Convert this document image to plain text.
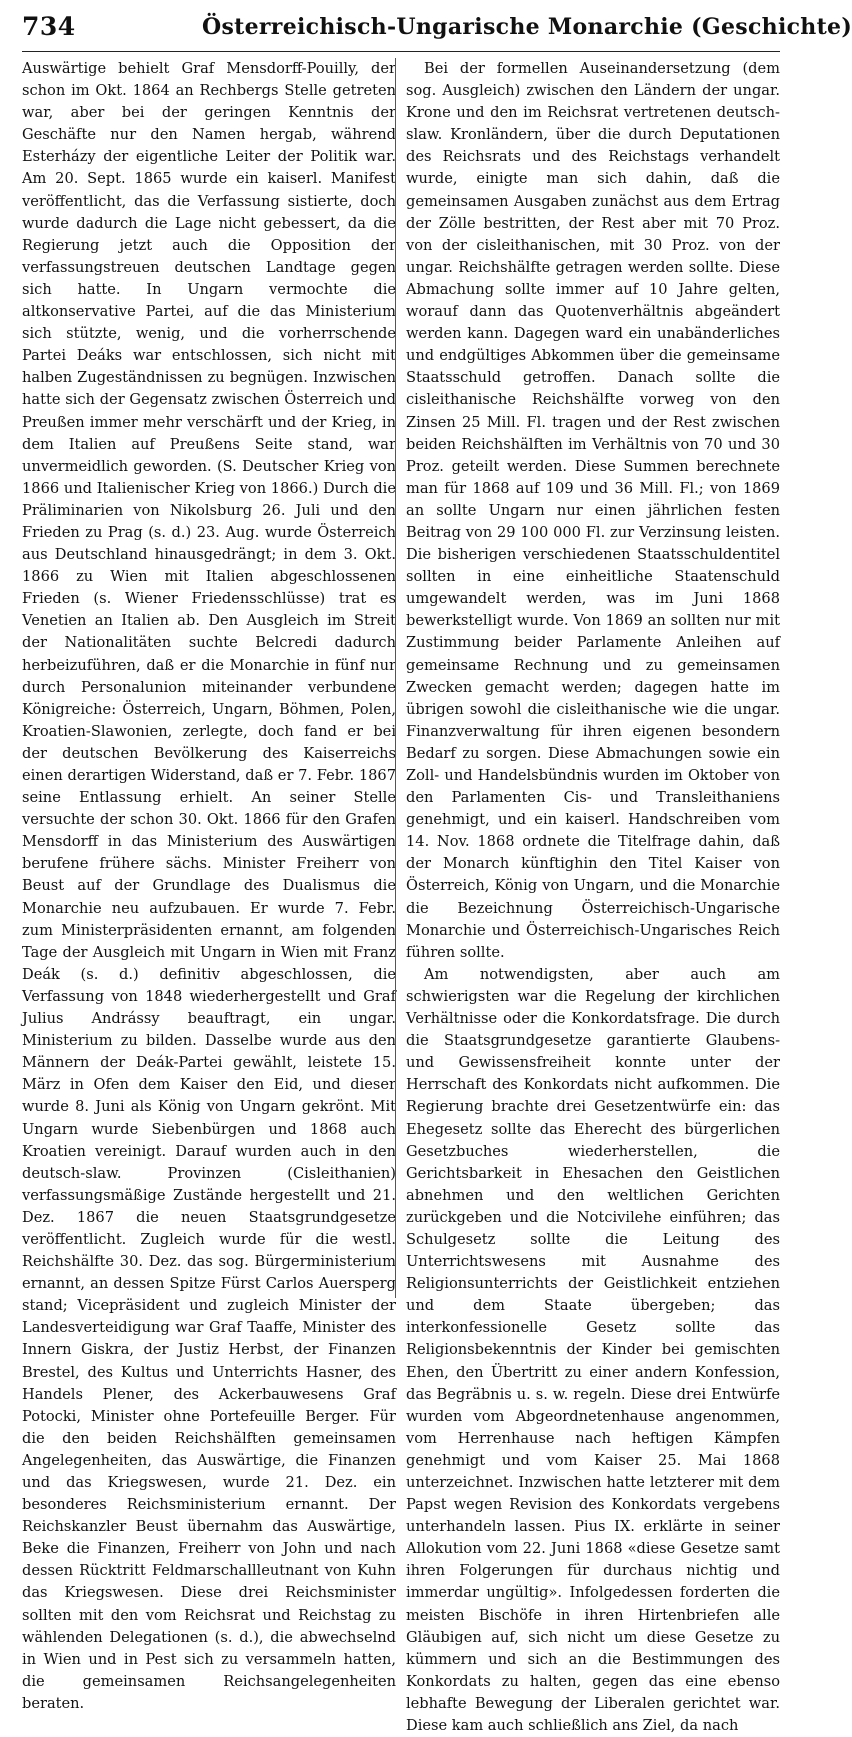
734	Österreichisch-Ungarische Monarchie (Geschichte)

Auswärtige behielt Graf Mensdorff-Pouilly, der schon im Okt. 1864 an Rechbergs Stelle getreten war, aber bei der geringen Kenntnis der Geschäfte nur den Namen hergab, während Esterházy der eigentliche Leiter der Politik war. Am 20. Sept. 1865 wurde ein kaiserl. Manifest veröffentlicht, das die Verfassung sistierte, doch wurde dadurch die Lage nicht gebessert, da die Regierung jetzt auch die Opposition der verfassungstreuen deutschen Landtage gegen sich hatte. In Ungarn vermochte die altkonservative Partei, auf die das Ministerium sich stützte, wenig, und die vorherrschende Partei Deáks war entschlossen, sich nicht mit halben Zugeständnissen zu begnügen. Inzwischen hatte sich der Gegensatz zwischen Österreich und Preußen immer mehr verschärft und der Krieg, in dem Italien auf Preußens Seite stand, war unvermeidlich geworden. (S. Deutscher Krieg von 1866 und Italienischer Krieg von 1866.) Durch die Präliminarien von Nikolsburg 26. Juli und den Frieden zu Prag (s. d.) 23. Aug. wurde Österreich aus Deutschland hinausgedrängt; in dem 3. Okt. 1866 zu Wien mit Italien abgeschlossenen Frieden (s. Wiener Friedensschlüsse) trat es Venetien an Italien ab. Den Ausgleich im Streit der Nationalitäten suchte Belcredi dadurch herbeizuführen, daß er die Monarchie in fünf nur durch Personalunion miteinander verbundene Königreiche: Österreich, Ungarn, Böhmen, Polen, Kroatien-Slawonien, zerlegte, doch fand er bei der deutschen Bevölkerung des Kaiserreichs einen derartigen Widerstand, daß er 7. Febr. 1867 seine Entlassung erhielt. An seiner Stelle versuchte der schon 30. Okt. 1866 für den Grafen Mensdorff in das Ministerium des Auswärtigen berufene frühere sächs. Minister Freiherr von Beust auf der Grundlage des Dualismus die Monarchie neu aufzubauen. Er wurde 7. Febr. zum Ministerpräsidenten ernannt, am folgenden Tage der Ausgleich mit Ungarn in Wien mit Franz Deák (s. d.) definitiv abgeschlossen, die Verfassung von 1848 wiederhergestellt und Graf Julius Andrássy beauftragt, ein ungar. Ministerium zu bilden. Dasselbe wurde aus den Männern der Deák-Partei gewählt, leistete 15. März in Ofen dem Kaiser den Eid, und dieser wurde 8. Juni als König von Ungarn gekrönt. Mit Ungarn wurde Siebenbürgen und 1868 auch Kroatien vereinigt. Darauf wurden auch in den deutsch-slaw. Provinzen (Cisleithanien) verfassungsmäßige Zustände hergestellt und 21. Dez. 1867 die neuen Staatsgrundgesetze veröffentlicht. Zugleich wurde für die westl. Reichshälfte 30. Dez. das sog. Bürgerministerium ernannt, an dessen Spitze Fürst Carlos Auersperg stand; Vicepräsident und zugleich Minister der Landesverteidigung war Graf Taaffe, Minister des Innern Giskra, der Justiz Herbst, der Finanzen Brestel, des Kultus und Unterrichts Hasner, des Handels Plener, des Ackerbauwesens Graf Potocki, Minister ohne Portefeuille Berger. Für die den beiden Reichshälften gemeinsamen Angelegenheiten, das Auswärtige, die Finanzen und das Kriegswesen, wurde 21. Dez. ein besonderes Reichsministerium ernannt. Der Reichskanzler Beust übernahm das Auswärtige, Beke die Finanzen, Freiherr von John und nach dessen Rücktritt Feldmarschallleutnant von Kuhn das Kriegswesen. Diese drei Reichsminister sollten mit den vom Reichsrat und Reichstag zu wählenden Delegationen (s. d.), die abwechselnd in Wien und in Pest sich zu versammeln hatten, die gemeinsamen Reichsangelegenheiten beraten.

Bei der formellen Auseinandersetzung (dem sog. Ausgleich) zwischen den Ländern der ungar. Krone und den im Reichsrat vertretenen deutsch-slaw. Kronländern, über die durch Deputationen des Reichsrats und des Reichstags verhandelt wurde, einigte man sich dahin, daß die gemeinsamen Ausgaben zunächst aus dem Ertrag der Zölle bestritten, der Rest aber mit 70 Proz. von der cisleithanischen, mit 30 Proz. von der ungar. Reichshälfte getragen werden sollte. Diese Abmachung sollte immer auf 10 Jahre gelten, worauf dann das Quotenverhältnis abgeändert werden kann. Dagegen ward ein unabänderliches und endgültiges Abkommen über die gemeinsame Staatsschuld getroffen. Danach sollte die cisleithanische Reichshälfte vorweg von den Zinsen 25 Mill. Fl. tragen und der Rest zwischen beiden Reichshälften im Verhältnis von 70 und 30 Proz. geteilt werden. Diese Summen berechnete man für 1868 auf 109 und 36 Mill. Fl.; von 1869 an sollte Ungarn nur einen jährlichen festen Beitrag von 29 100 000 Fl. zur Verzinsung leisten. Die bisherigen verschiedenen Staatsschuldentitel sollten in eine einheitliche Staatenschuld umgewandelt werden, was im Juni 1868 bewerkstelligt wurde. Von 1869 an sollten nur mit Zustimmung beider Parlamente Anleihen auf gemeinsame Rechnung und zu gemeinsamen Zwecken gemacht werden; dagegen hatte im übrigen sowohl die cisleithanische wie die ungar. Finanzverwaltung für ihren eigenen besondern Bedarf zu sorgen. Diese Abmachungen sowie ein Zoll- und Handelsbündnis wurden im Oktober von den Parlamenten Cis- und Transleithaniens genehmigt, und ein kaiserl. Handschreiben vom 14. Nov. 1868 ordnete die Titelfrage dahin, daß der Monarch künftighin den Titel Kaiser von Österreich, König von Ungarn, und die Monarchie die Bezeichnung Österreichisch-Ungarische Monarchie und Österreichisch-Ungarisches Reich führen sollte.

Am notwendigsten, aber auch am schwierigsten war die Regelung der kirchlichen Verhältnisse oder die Konkordatsfrage. Die durch die Staatsgrundgesetze garantierte Glaubens- und Gewissensfreiheit konnte unter der Herrschaft des Konkordats nicht aufkommen. Die Regierung brachte drei Gesetzentwürfe ein: das Ehegesetz sollte das Eherecht des bürgerlichen Gesetzbuches wiederherstellen, die Gerichtsbarkeit in Ehesachen den Geistlichen abnehmen und den weltlichen Gerichten zurückgeben und die Notcivilehe einführen; das Schulgesetz sollte die Leitung des Unterrichtswesens mit Ausnahme des Religionsunterrichts der Geistlichkeit entziehen und dem Staate übergeben; das interkonfessionelle Gesetz sollte das Religionsbekenntnis der Kinder bei gemischten Ehen, den Übertritt zu einer andern Konfession, das Begräbnis u. s. w. regeln. Diese drei Entwürfe wurden vom Abgeordnetenhause angenommen, vom Herrenhause nach heftigen Kämpfen genehmigt und vom Kaiser 25. Mai 1868 unterzeichnet. Inzwischen hatte letzterer mit dem Papst wegen Revision des Konkordats vergebens unterhandeln lassen. Pius IX. erklärte in seiner Allokution vom 22. Juni 1868 «diese Gesetze samt ihren Folgerungen für durchaus nichtig und immerdar ungültig». Infolgedessen forderten die meisten Bischöfe in ihren Hirtenbriefen alle Gläubigen auf, sich nicht um diese Gesetze zu kümmern und sich an die Bestimmungen des Konkordats zu halten, gegen das eine ebenso lebhafte Bewegung der Liberalen gerichtet war. Diese kam auch schließlich ans Ziel, da nach
